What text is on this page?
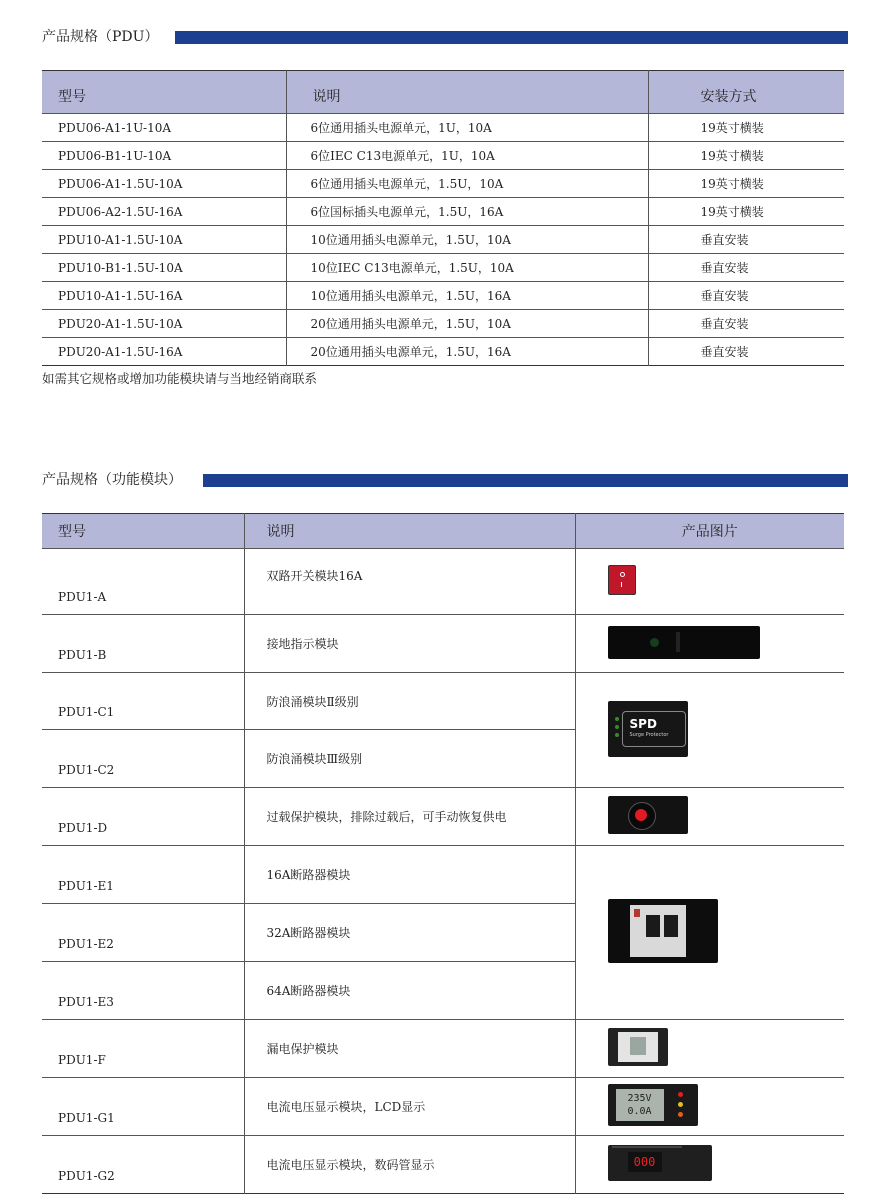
产品规格（PDU）
型号	说明	安装方式
PDU06-A1-1U-10A	6位通用插头电源单元，1U，10A	19英寸横装
PDU06-B1-1U-10A	6位IEC C13电源单元，1U，10A	19英寸横装
PDU06-A1-1.5U-10A	6位通用插头电源单元，1.5U，10A	19英寸横装
PDU06-A2-1.5U-16A	6位国标插头电源单元，1.5U，16A	19英寸横装
PDU10-A1-1.5U-10A	10位通用插头电源单元，1.5U，10A	垂直安装
PDU10-B1-1.5U-10A	10位IEC C13电源单元，1.5U，10A	垂直安装
PDU10-A1-1.5U-16A	10位通用插头电源单元，1.5U，16A	垂直安装
PDU20-A1-1.5U-10A	20位通用插头电源单元，1.5U，10A	垂直安装
PDU20-A1-1.5U-16A	20位通用插头电源单元，1.5U，16A	垂直安装
如需其它规格或增加功能模块请与当地经销商联系
产品规格（功能模块）
型号	说明	产品图片
PDU1-A	双路开关模块16A	

PDU1-B	接地指示模块	

PDU1-C1	防浪涌模块Ⅱ级别	SPD
Surge Protector

PDU1-C2	防浪涌模块Ⅲ级别	
PDU1-D	过载保护模块，排除过载后，可手动恢复供电	

PDU1-E1	16A断路器模块	

PDU1-E2	32A断路器模块	
PDU1-E3	64A断路器模块	
PDU1-F	漏电保护模块	

PDU1-G1	电流电压显示模块，LCD显示	235V
0.0A

PDU1-G2	电流电压显示模块，数码管显示	000
